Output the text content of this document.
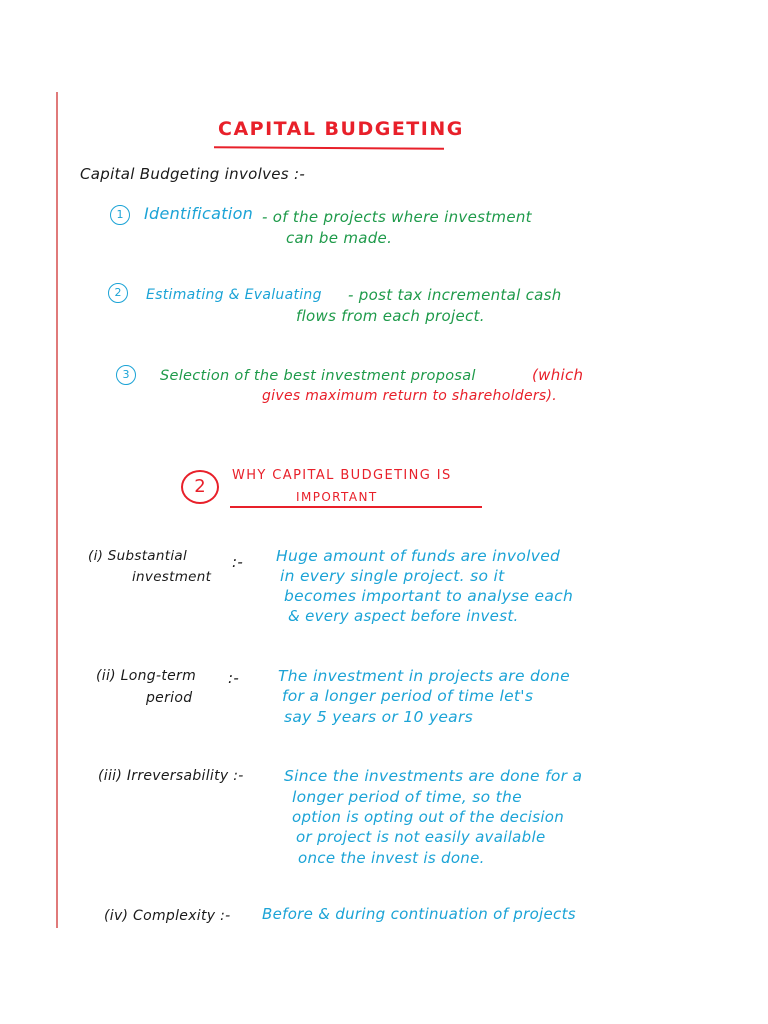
CAPITAL BUDGETING
Capital Budgeting involves :-
1	Identification - of the projects where investment
can be made.
2	Estimating & Evaluating - post tax incremental cash
flows from each project.
3	Selection of the best investment proposal	(which
gives maximum return to shareholders).
2
WHY CAPITAL BUDGETING IS
IMPORTANT
(i) Substantial
investment
:- Huge amount of funds are involved
in every single project. so it
becomes important to analyse each
& every aspect before invest.
(ii) Long-term
period
:-	The investment in projects are done
for a longer period of time let's
say 5 years or 10 years
(iii) Irreversability :-	Since the investments are done for a
longer period of time, so the
option is opting out of the decision
or project is not easily available
once the invest is done.
(iv) Complexity :- Before & during continuation of projects
